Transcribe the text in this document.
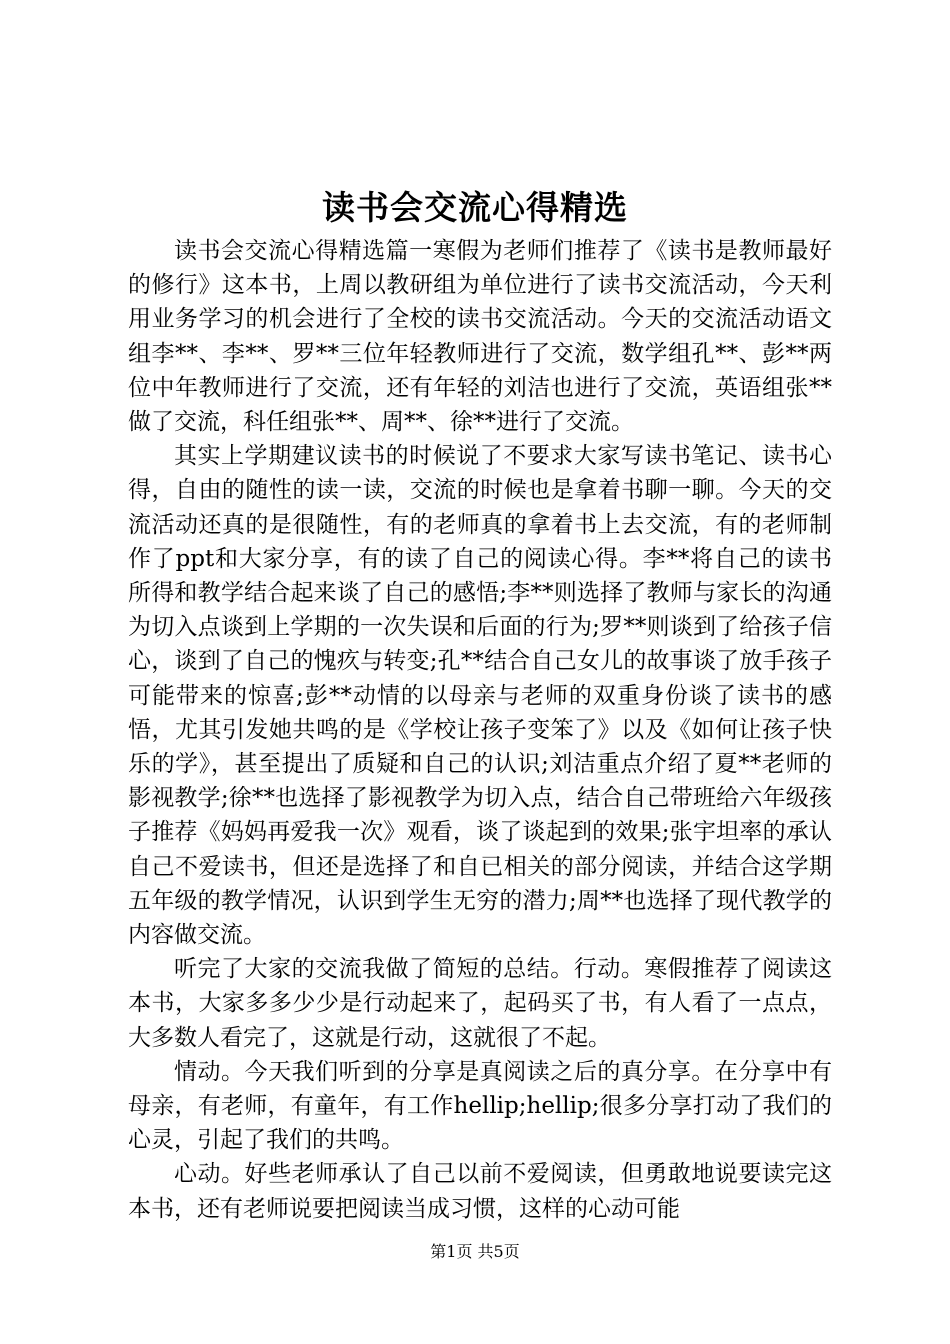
读书会交流心得精选

读书会交流心得精选篇一寒假为老师们推荐了《读书是教师最好的修行》这本书，上周以教研组为单位进行了读书交流活动，今天利用业务学习的机会进行了全校的读书交流活动。今天的交流活动语文组李**、李**、罗**三位年轻教师进行了交流，数学组孔**、彭**两位中年教师进行了交流，还有年轻的刘洁也进行了交流，英语组张**做了交流，科任组张**、周**、徐**进行了交流。

其实上学期建议读书的时候说了不要求大家写读书笔记、读书心得，自由的随性的读一读，交流的时候也是拿着书聊一聊。今天的交流活动还真的是很随性，有的老师真的拿着书上去交流，有的老师制作了ppt和大家分享，有的读了自己的阅读心得。李**将自己的读书所得和教学结合起来谈了自己的感悟;李**则选择了教师与家长的沟通为切入点谈到上学期的一次失误和后面的行为;罗**则谈到了给孩子信心，谈到了自己的愧疚与转变;孔**结合自己女儿的故事谈了放手孩子可能带来的惊喜;彭**动情的以母亲与老师的双重身份谈了读书的感悟，尤其引发她共鸣的是《学校让孩子变笨了》以及《如何让孩子快乐的学》，甚至提出了质疑和自己的认识;刘洁重点介绍了夏**老师的影视教学;徐**也选择了影视教学为切入点，结合自己带班给六年级孩子推荐《妈妈再爱我一次》观看，谈了谈起到的效果;张宇坦率的承认自己不爱读书，但还是选择了和自已相关的部分阅读，并结合这学期五年级的教学情况，认识到学生无穷的潜力;周**也选择了现代教学的内容做交流。

听完了大家的交流我做了简短的总结。行动。寒假推荐了阅读这本书，大家多多少少是行动起来了，起码买了书，有人看了一点点，大多数人看完了，这就是行动，这就很了不起。

情动。今天我们听到的分享是真阅读之后的真分享。在分享中有母亲，有老师，有童年，有工作hellip;hellip;很多分享打动了我们的心灵，引起了我们的共鸣。

心动。好些老师承认了自己以前不爱阅读，但勇敢地说要读完这本书，还有老师说要把阅读当成习惯，这样的心动可能

第1页 共5页
